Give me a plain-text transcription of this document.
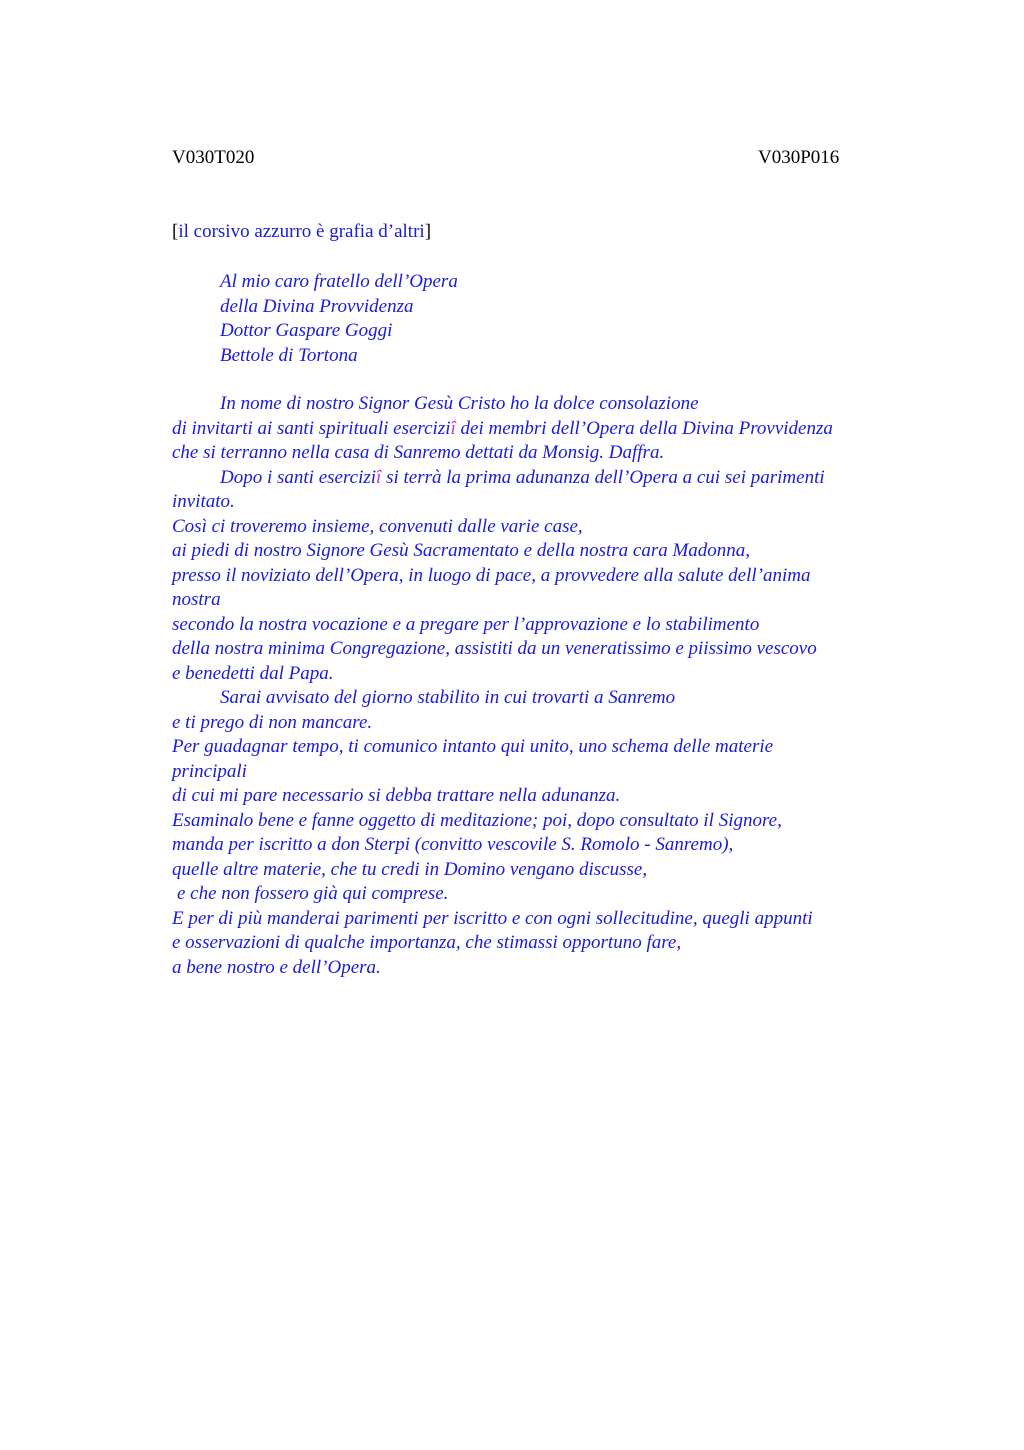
V030T020	V030P016
[il corsivo azzurro è grafia d’altri]
Al mio caro fratello dell’Opera
della Divina Provvidenza
Dottor Gaspare Goggi
Bettole di Tortona
In nome di nostro Signor Gesù Cristo ho la dolce consolazione
di invitarti ai santi spirituali eserciziî dei membri dell’Opera della Divina Provvidenza
che si terranno nella casa di Sanremo dettati da Monsig. Daffra.
Dopo i santi eserciziî si terrà la prima adunanza dell’Opera a cui sei parimenti
invitato.
Così ci troveremo insieme, convenuti dalle varie case,
ai piedi di nostro Signore Gesù Sacramentato e della nostra cara Madonna,
presso il noviziato dell’Opera, in luogo di pace, a provvedere alla salute dell’anima
nostra
secondo la nostra vocazione e a pregare per l’approvazione e lo stabilimento
della nostra minima Congregazione, assistiti da un veneratissimo e piissimo vescovo
e benedetti dal Papa.
Sarai avvisato del giorno stabilito in cui trovarti a Sanremo
e ti prego di non mancare.
Per guadagnar tempo, ti comunico intanto qui unito, uno schema delle materie
principali
di cui mi pare necessario si debba trattare nella adunanza.
Esaminalo bene e fanne oggetto di meditazione; poi, dopo consultato il Signore,
manda per iscritto a don Sterpi (convitto vescovile S. Romolo - Sanremo),
quelle altre materie, che tu credi in Domino vengano discusse,
e che non fossero già qui comprese.
E per di più manderai parimenti per iscritto e con ogni sollecitudine, quegli appunti
e osservazioni di qualche importanza, che stimassi opportuno fare,
a bene nostro e dell’Opera.
